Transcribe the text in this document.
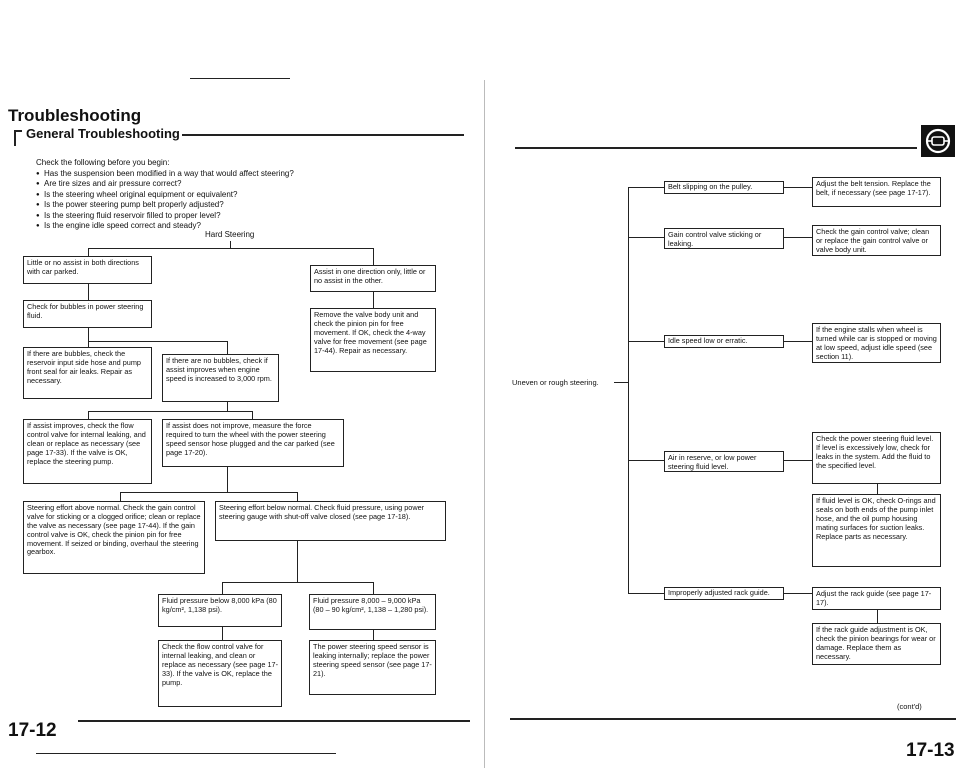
Troubleshooting
General Troubleshooting
Check the following before you begin:
● Has the suspension been modified in a way that would affect steering?
● Are tire sizes and air pressure correct?
● Is the steering wheel original equipment or equivalent?
● Is the power steering pump belt properly adjusted?
● Is the steering fluid reservoir filled to proper level?
● Is the engine idle speed correct and steady?
Hard Steering
Little or no assist in both directions with car parked.	Assist in one direction only, little or no assist in the other.
Check for bubbles in power steering fluid.	Remove the valve body unit and check the pinion pin for free movement. If OK, check the 4-way valve for free movement (see page 17-44). Repair as necessary.
If there are bubbles, check the reservoir input side hose and pump front seal for air leaks. Repair as necessary.
If there are no bubbles, check if assist improves when engine speed is increased to 3,000 rpm.
If assist improves, check the flow control valve for internal leaking, and clean or replace as necessary (see page 17-33). If the valve is OK, replace the steering pump.
If assist does not improve, measure the force required to turn the wheel with the power steering speed sensor hose plugged and the car parked (see page 17-20).
Steering effort above normal. Check the gain control valve for sticking or a clogged orifice; clean or replace the valve as necessary (see page 17-44). If the gain control valve is OK, check the pinion pin for free movement. If seized or binding, overhaul the steering gearbox.
Steering effort below normal. Check fluid pressure, using power steering gauge with shut-off valve closed (see page 17-18).
Fluid pressure below 8,000 kPa (80 kg/cm², 1,138 psi).
Fluid pressure 8,000 – 9,000 kPa (80 – 90 kg/cm², 1,138 – 1,280 psi).
Check the flow control valve for internal leaking, and clean or replace as necessary (see page 17-33). If the valve is OK, replace the pump.
The power steering speed sensor is leaking internally; replace the power steering speed sensor (see page 17-21).
17-12
Uneven or rough steering.
Belt slipping on the pulley.
Gain control valve sticking or leaking.
Idle speed low or erratic.
Air in reserve, or low power steering fluid level.
Improperly adjusted rack guide.
Adjust the belt tension. Replace the belt, if necessary (see page 17-17).
Check the gain control valve; clean or replace the gain control valve or valve body unit.
If the engine stalls when wheel is turned while car is stopped or moving at low speed, adjust idle speed (see section 11).
Check the power steering fluid level. If level is excessively low, check for leaks in the system. Add the fluid to the specified level.
If fluid level is OK, check O-rings and seals on both ends of the pump inlet hose, and the oil pump housing mating surfaces for suction leaks. Replace parts as necessary.
Adjust the rack guide (see page 17-17).
If the rack guide adjustment is OK, check the pinion bearings for wear or damage. Replace them as necessary.
(cont'd)
17-13
